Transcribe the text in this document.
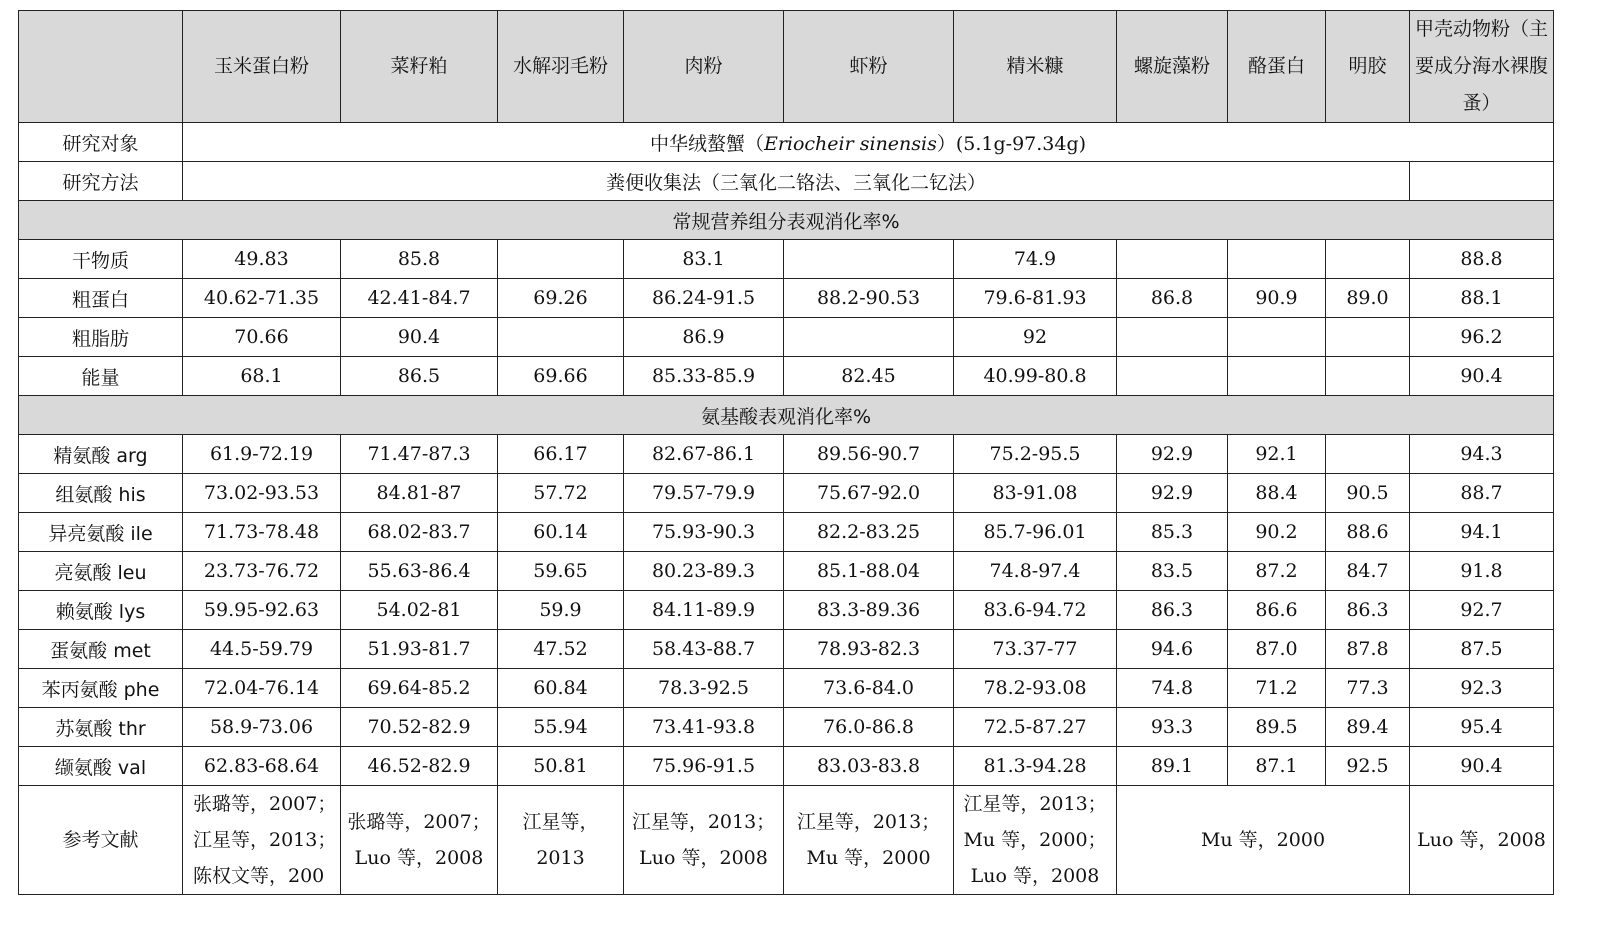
	玉米蛋白粉	菜籽粕	水解羽毛粉	肉粉	虾粉	精米糠	螺旋藻粉	酪蛋白	明胶	甲壳动物粉（主要成分海水裸腹蚤）
研究对象	中华绒螯蟹（Eriocheir sinensis）(5.1g-97.34g)									
研究方法	粪便收集法（三氧化二铬法、三氧化二钇法）									
常规营养组分表观消化率%										
干物质	49.83	85.8		83.1		74.9				88.8
粗蛋白	40.62-71.35	42.41-84.7	69.26	86.24-91.5	88.2-90.53	79.6-81.93	86.8	90.9	89.0	88.1
粗脂肪	70.66	90.4		86.9		92				96.2
能量	68.1	86.5	69.66	85.33-85.9	82.45	40.99-80.8				90.4
氨基酸表观消化率%										
精氨酸 arg	61.9-72.19	71.47-87.3	66.17	82.67-86.1	89.56-90.7	75.2-95.5	92.9	92.1		94.3
组氨酸 his	73.02-93.53	84.81-87	57.72	79.57-79.9	75.67-92.0	83-91.08	92.9	88.4	90.5	88.7
异亮氨酸 ile	71.73-78.48	68.02-83.7	60.14	75.93-90.3	82.2-83.25	85.7-96.01	85.3	90.2	88.6	94.1
亮氨酸 leu	23.73-76.72	55.63-86.4	59.65	80.23-89.3	85.1-88.04	74.8-97.4	83.5	87.2	84.7	91.8
赖氨酸 lys	59.95-92.63	54.02-81	59.9	84.11-89.9	83.3-89.36	83.6-94.72	86.3	86.6	86.3	92.7
蛋氨酸 met	44.5-59.79	51.93-81.7	47.52	58.43-88.7	78.93-82.3	73.37-77	94.6	87.0	87.8	87.5
苯丙氨酸 phe	72.04-76.14	69.64-85.2	60.84	78.3-92.5	73.6-84.0	78.2-93.08	74.8	71.2	77.3	92.3
苏氨酸 thr	58.9-73.06	70.52-82.9	55.94	73.41-93.8	76.0-86.8	72.5-87.27	93.3	89.5	89.4	95.4
缬氨酸 val	62.83-68.64	46.52-82.9	50.81	75.96-91.5	83.03-83.8	81.3-94.28	89.1	87.1	92.5	90.4
参考文献	张璐等，2007；江星等，2013；陈权文等，200	张璐等，2007；Luo 等，2008	江星等，2013	江星等，2013；Luo 等，2008	江星等，2013；Mu 等，2000	江星等，2013；Mu 等，2000；Luo 等，2008	Mu 等，2000			Luo 等，2008
